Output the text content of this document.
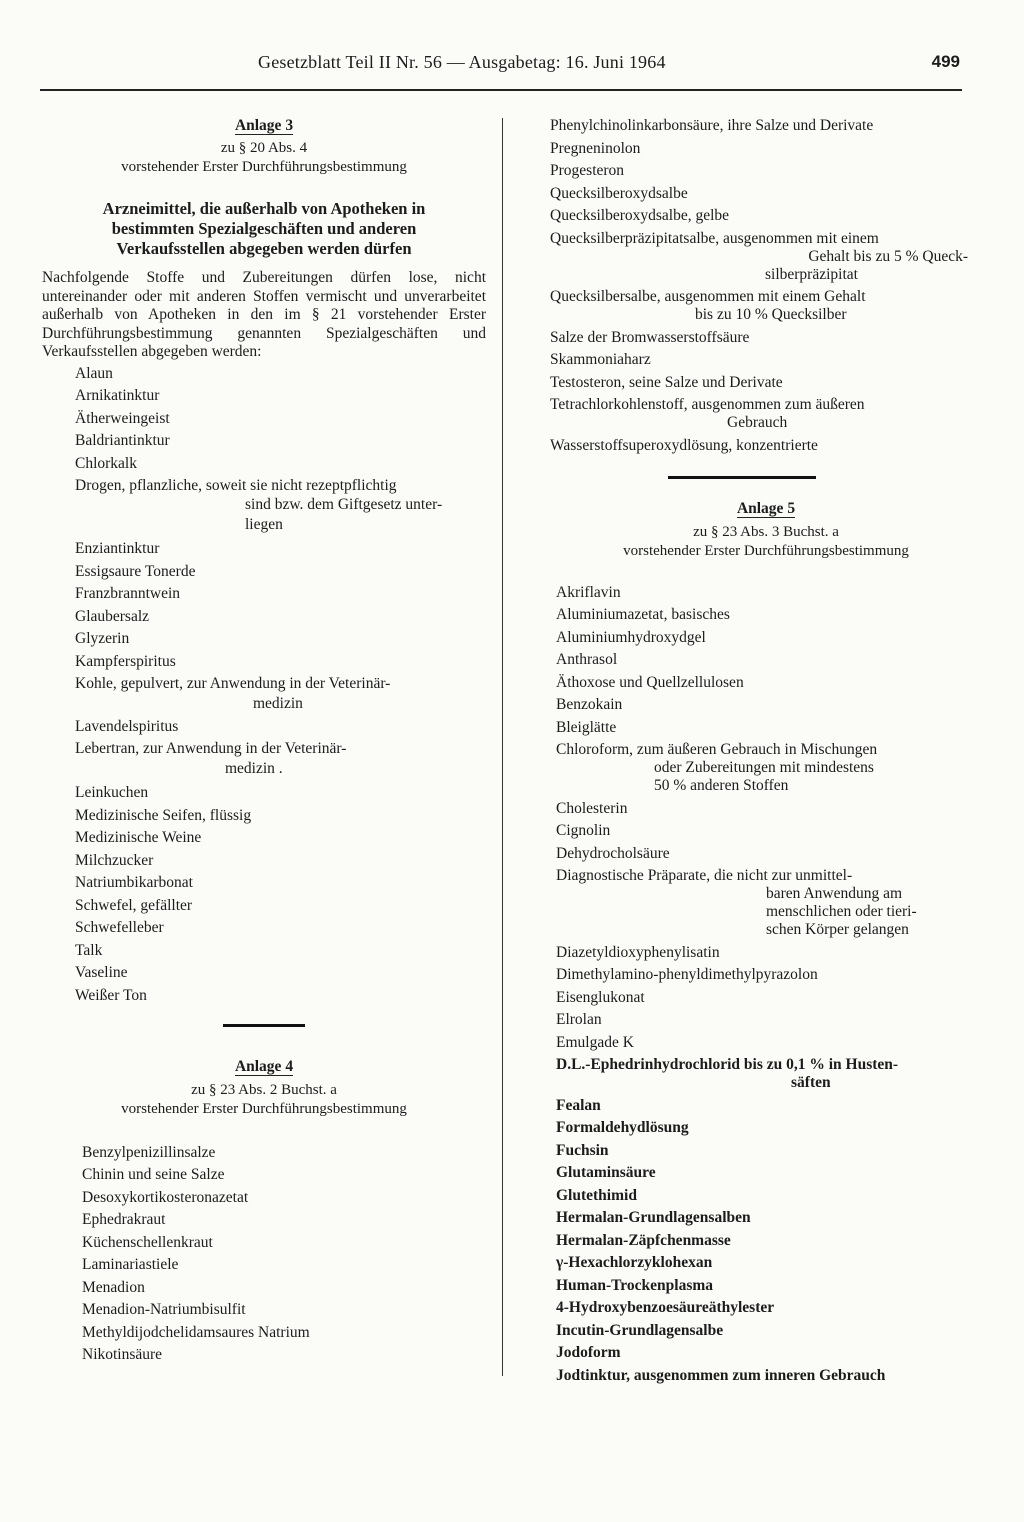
Gesetzblatt Teil II Nr. 56 — Ausgabetag: 16. Juni 1964	499
Anlage 3
zu § 20 Abs. 4
vorstehender Erster Durchführungsbestimmung
Arzneimittel, die außerhalb von Apotheken in
bestimmten Spezialgeschäften und anderen
Verkaufsstellen abgegeben werden dürfen
Nachfolgende Stoffe und Zubereitungen dürfen lose, nicht untereinander oder mit anderen Stoffen vermischt und unverarbeitet außerhalb von Apotheken in den im § 21 vorstehender Erster Durchführungsbestimmung genannten Spezialgeschäften und Verkaufsstellen abgegeben werden:
Alaun
Arnikatinktur
Ätherweingeist
Baldriantinktur
Chlorkalk
Drogen, pflanzliche, soweit sie nicht rezeptpflichtig
sind bzw. dem Giftgesetz unter-
liegen
Enziantinktur
Essigsaure Tonerde
Franzbranntwein
Glaubersalz
Glyzerin
Kampferspiritus
Kohle, gepulvert, zur Anwendung in der Veterinär-
medizin
Lavendelspiritus
Lebertran, zur Anwendung in der Veterinär-
medizin .
Leinkuchen
Medizinische Seifen, flüssig
Medizinische Weine
Milchzucker
Natriumbikarbonat
Schwefel, gefällter
Schwefelleber
Talk
Vaseline
Weißer Ton
Anlage 4
zu § 23 Abs. 2 Buchst. a
vorstehender Erster Durchführungsbestimmung
Benzylpenizillinsalze
Chinin und seine Salze
Desoxykortikosteronazetat
Ephedrakraut
Küchenschellenkraut
Laminariastiele
Menadion
Menadion-Natriumbisulfit
Methyldijodchelidamsaures Natrium
Nikotinsäure
Phenylchinolinkarbonsäure, ihre Salze und Derivate
Pregneninolon
Progesteron
Quecksilberoxydsalbe
Quecksilberoxydsalbe, gelbe
Quecksilberpräzipitatsalbe, ausgenommen mit einem
Gehalt bis zu 5 % Queck-
silberpräzipitat
Quecksilbersalbe, ausgenommen mit einem Gehalt
bis zu 10 % Quecksilber
Salze der Bromwasserstoffsäure
Skammoniaharz
Testosteron, seine Salze und Derivate
Tetrachlorkohlenstoff, ausgenommen zum äußeren
Gebrauch
Wasserstoffsuperoxydlösung, konzentrierte
Anlage 5
zu § 23 Abs. 3 Buchst. a
vorstehender Erster Durchführungsbestimmung
Akriflavin
Aluminiumazetat, basisches
Aluminiumhydroxydgel
Anthrasol
Äthoxose und Quellzellulosen
Benzokain
Bleiglätte
Chloroform, zum äußeren Gebrauch in Mischungen
oder Zubereitungen mit mindestens
50 % anderen Stoffen
Cholesterin
Cignolin
Dehydrocholsäure
Diagnostische Präparate, die nicht zur unmittel-
baren Anwendung am
menschlichen oder tieri-
schen Körper gelangen
Diazetyldioxyphenylisatin
Dimethylamino-phenyldimethylpyrazolon
Eisenglukonat
Elrolan
Emulgade K
D.L.-Ephedrinhydrochlorid bis zu 0,1 % in Husten-
säften
Fealan
Formaldehydlösung
Fuchsin
Glutaminsäure
Glutethimid
Hermalan-Grundlagensalben
Hermalan-Zäpfchenmasse
γ-Hexachlorzyklohexan
Human-Trockenplasma
4-Hydroxybenzoesäureäthylester
Incutin-Grundlagensalbe
Jodoform
Jodtinktur, ausgenommen zum inneren Gebrauch
